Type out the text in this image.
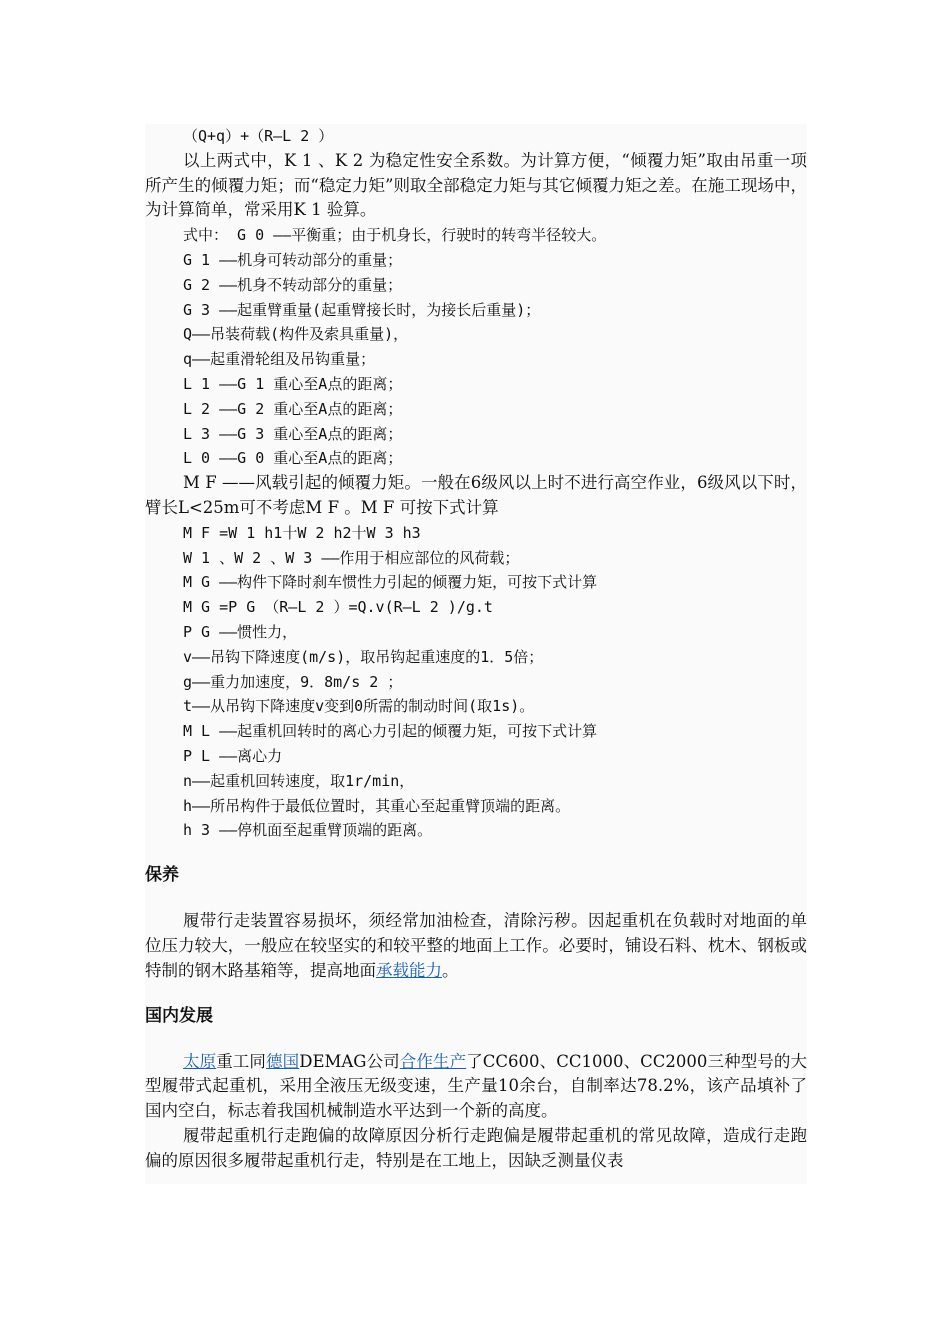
（Q+q）+（R—L 2 ）

以上两式中，K 1 、K 2 为稳定性安全系数。为计算方便，“倾覆力矩”取由吊重一项所产生的倾覆力矩；而“稳定力矩”则取全部稳定力矩与其它倾覆力矩之差。在施工现场中，为计算简单，常采用K 1 验算。

式中： G 0 ——平衡重；由于机身长，行驶时的转弯半径较大。

G 1 ——机身可转动部分的重量；

G 2 ——机身不转动部分的重量；

G 3 ——起重臂重量(起重臂接长时，为接长后重量)；

Q——吊装荷载(构件及索具重量)，

q——起重滑轮组及吊钩重量；

L 1 ——G 1 重心至A点的距离；

L 2 ——G 2 重心至A点的距离；

L 3 ——G 3 重心至A点的距离；

L 0 ——G 0 重心至A点的距离；

M F ——风载引起的倾覆力矩。一般在6级风以上时不进行高空作业，6级风以下时，臂长L<25m可不考虑M F 。M F 可按下式计算

M F =W 1 h1十W 2 h2十W 3 h3

W 1 、W 2 、W 3 ——作用于相应部位的风荷载；

M G ——构件下降时刹车惯性力引起的倾覆力矩，可按下式计算

M G =P G （R—L 2 ）=Q.v(R—L 2 )/g.t

P G ——惯性力，

v——吊钩下降速度(m/s)，取吊钩起重速度的1．5倍；

g——重力加速度，9．8m/s 2 ；

t——从吊钩下降速度v变到0所需的制动时间(取1s)。

M L ——起重机回转时的离心力引起的倾覆力矩，可按下式计算

P L ——离心力

n——起重机回转速度，取1r/min，

h——所吊构件于最低位置时，其重心至起重臂顶端的距离。

h 3 ——停机面至起重臂顶端的距离。

保养

履带行走装置容易损坏，须经常加油检查，清除污秽。因起重机在负载时对地面的单位压力较大，一般应在较坚实的和较平整的地面上工作。必要时，铺设石料、枕木、钢板或特制的钢木路基箱等，提高地面承载能力。

国内发展

太原重工同德国DEMAG公司合作生产了CC600、CC1000、CC2000三种型号的大型履带式起重机，采用全液压无级变速，生产量10余台，自制率达78.2%，该产品填补了国内空白，标志着我国机械制造水平达到一个新的高度。

履带起重机行走跑偏的故障原因分析行走跑偏是履带起重机的常见故障，造成行走跑偏的原因很多履带起重机行走，特别是在工地上，因缺乏测量仪表
